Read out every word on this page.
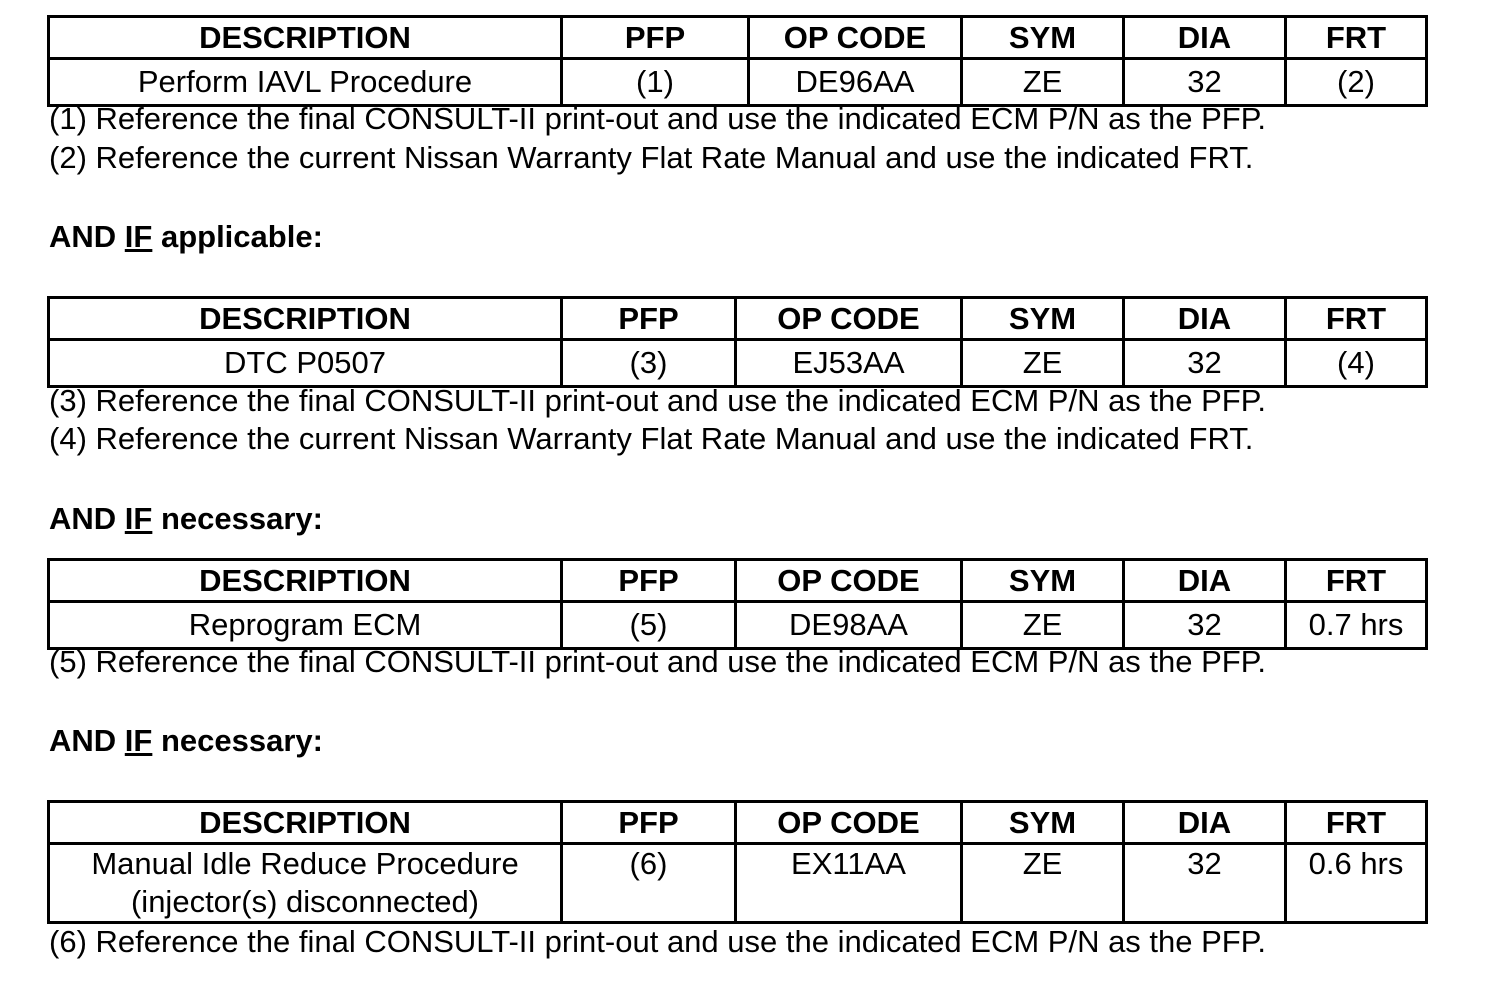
DESCRIPTION	PFP	OP CODE	SYM	DIA	FRT
Perform IAVL Procedure	(1)	DE96AA	ZE	32	(2)
(1) Reference the final CONSULT-II print-out and use the indicated ECM P/N as the PFP.
(2) Reference the current Nissan Warranty Flat Rate Manual and use the indicated FRT.
AND IF applicable:
DESCRIPTION	PFP	OP CODE	SYM	DIA	FRT
DTC P0507	(3)	EJ53AA	ZE	32	(4)
(3) Reference the final CONSULT-II print-out and use the indicated ECM P/N as the PFP.
(4) Reference the current Nissan Warranty Flat Rate Manual and use the indicated FRT.
AND IF necessary:
DESCRIPTION	PFP	OP CODE	SYM	DIA	FRT
Reprogram ECM	(5)	DE98AA	ZE	32	0.7 hrs
(5) Reference the final CONSULT-II print-out and use the indicated ECM P/N as the PFP.
AND IF necessary:
DESCRIPTION	PFP	OP CODE	SYM	DIA	FRT
Manual Idle Reduce Procedure
(injector(s) disconnected)	(6)	EX11AA	ZE	32	0.6 hrs
(6) Reference the final CONSULT-II print-out and use the indicated ECM P/N as the PFP.
